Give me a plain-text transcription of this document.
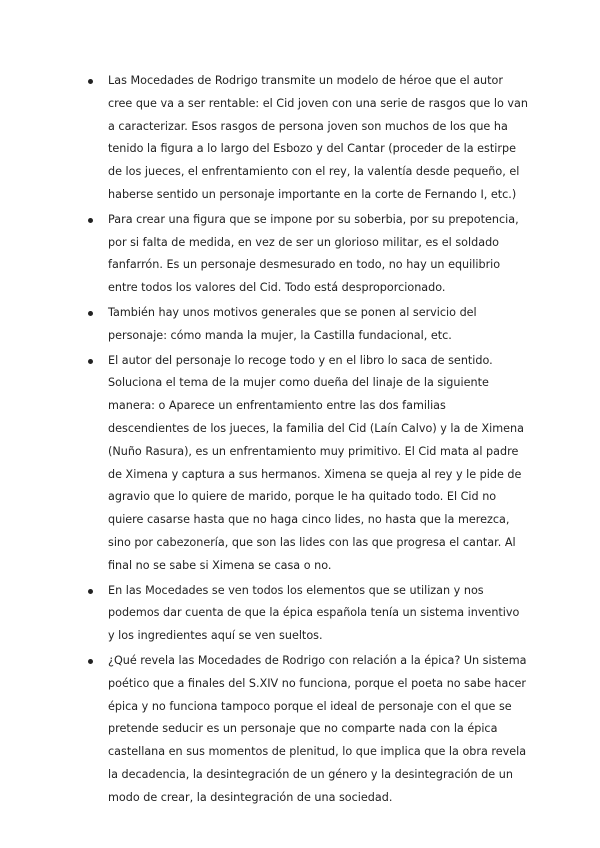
Las Mocedades de Rodrigo transmite un modelo de héroe que el autor cree que va a ser rentable: el Cid joven con una serie de rasgos que lo van a caracterizar. Esos rasgos de persona joven son muchos de los que ha tenido la figura a lo largo del Esbozo y del Cantar (proceder de la estirpe de los jueces, el enfrentamiento con el rey, la valentía desde pequeño, el haberse sentido un personaje importante en la corte de Fernando I, etc.)
Para crear una figura que se impone por su soberbia, por su prepotencia, por si falta de medida, en vez de ser un glorioso militar, es el soldado fanfarrón. Es un personaje desmesurado en todo, no hay un equilibrio entre todos los valores del Cid. Todo está desproporcionado.
También hay unos motivos generales que se ponen al servicio del personaje: cómo manda la mujer, la Castilla fundacional, etc.
El autor del personaje lo recoge todo y en el libro lo saca de sentido. Soluciona el tema de la mujer como dueña del linaje de la siguiente manera: o Aparece un enfrentamiento entre las dos familias descendientes de los jueces, la familia del Cid (Laín Calvo) y la de Ximena (Nuño Rasura), es un enfrentamiento muy primitivo. El Cid mata al padre de Ximena y captura a sus hermanos. Ximena se queja al rey y le pide de agravio que lo quiere de marido, porque le ha quitado todo. El Cid no quiere casarse hasta que no haga cinco lides, no hasta que la merezca, sino por cabezonería, que son las lides con las que progresa el cantar. Al final no se sabe si Ximena se casa o no.
En las Mocedades se ven todos los elementos que se utilizan y nos podemos dar cuenta de que la épica española tenía un sistema inventivo y los ingredientes aquí se ven sueltos.
¿Qué revela las Mocedades de Rodrigo con relación a la épica? Un sistema poético que a finales del S.XIV no funciona, porque el poeta no sabe hacer épica y no funciona tampoco porque el ideal de personaje con el que se pretende seducir es un personaje que no comparte nada con la épica castellana en sus momentos de plenitud, lo que implica que la obra revela la decadencia, la desintegración de un género y la desintegración de un modo de crear, la desintegración de una sociedad.
